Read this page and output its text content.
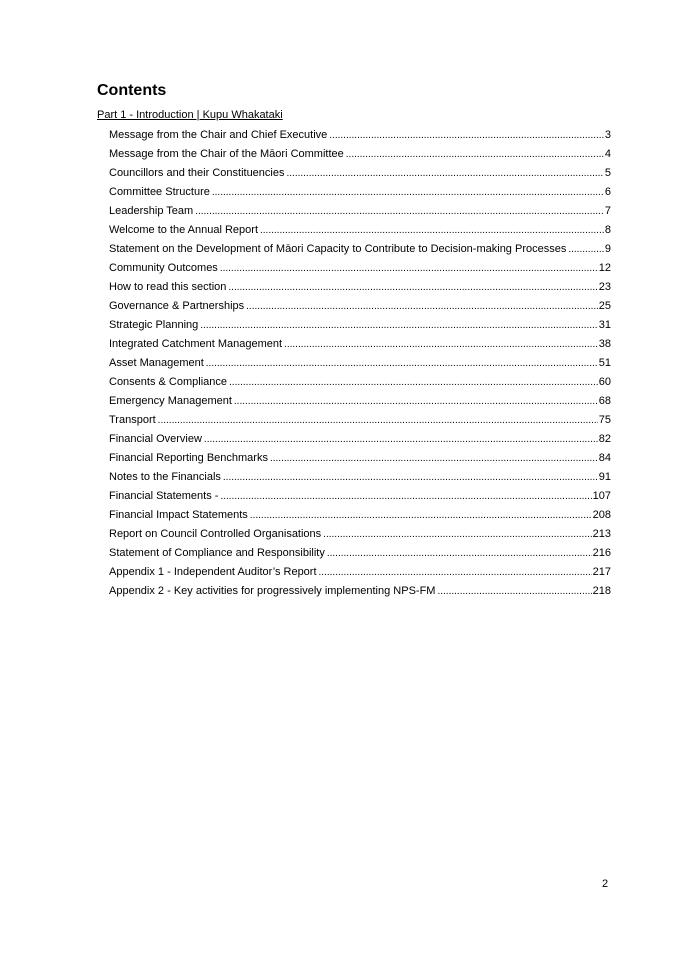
Contents
Part 1 - Introduction | Kupu Whakataki
Message from the Chair and Chief Executive .....	3
Message from the Chair of the Māori Committee .....	4
Councillors and their Constituencies .....	5
Committee Structure .....	6
Leadership Team .....	7
Welcome to the Annual Report .....	8
Statement on the Development of Māori Capacity to Contribute to Decision-making Processes .....	9
Community Outcomes .....	12
How to read this section .....	23
Governance & Partnerships .....	25
Strategic Planning .....	31
Integrated Catchment Management .....	38
Asset Management .....	51
Consents & Compliance .....	60
Emergency Management .....	68
Transport .....	75
Financial Overview .....	82
Financial Reporting Benchmarks .....	84
Notes to the Financials .....	91
Financial Statements - .....	107
Financial Impact Statements .....	208
Report on Council Controlled Organisations .....	213
Statement of Compliance and Responsibility .....	216
Appendix 1 - Independent Auditor’s Report .....	217
Appendix 2 - Key activities for progressively implementing NPS-FM .....	218
2
